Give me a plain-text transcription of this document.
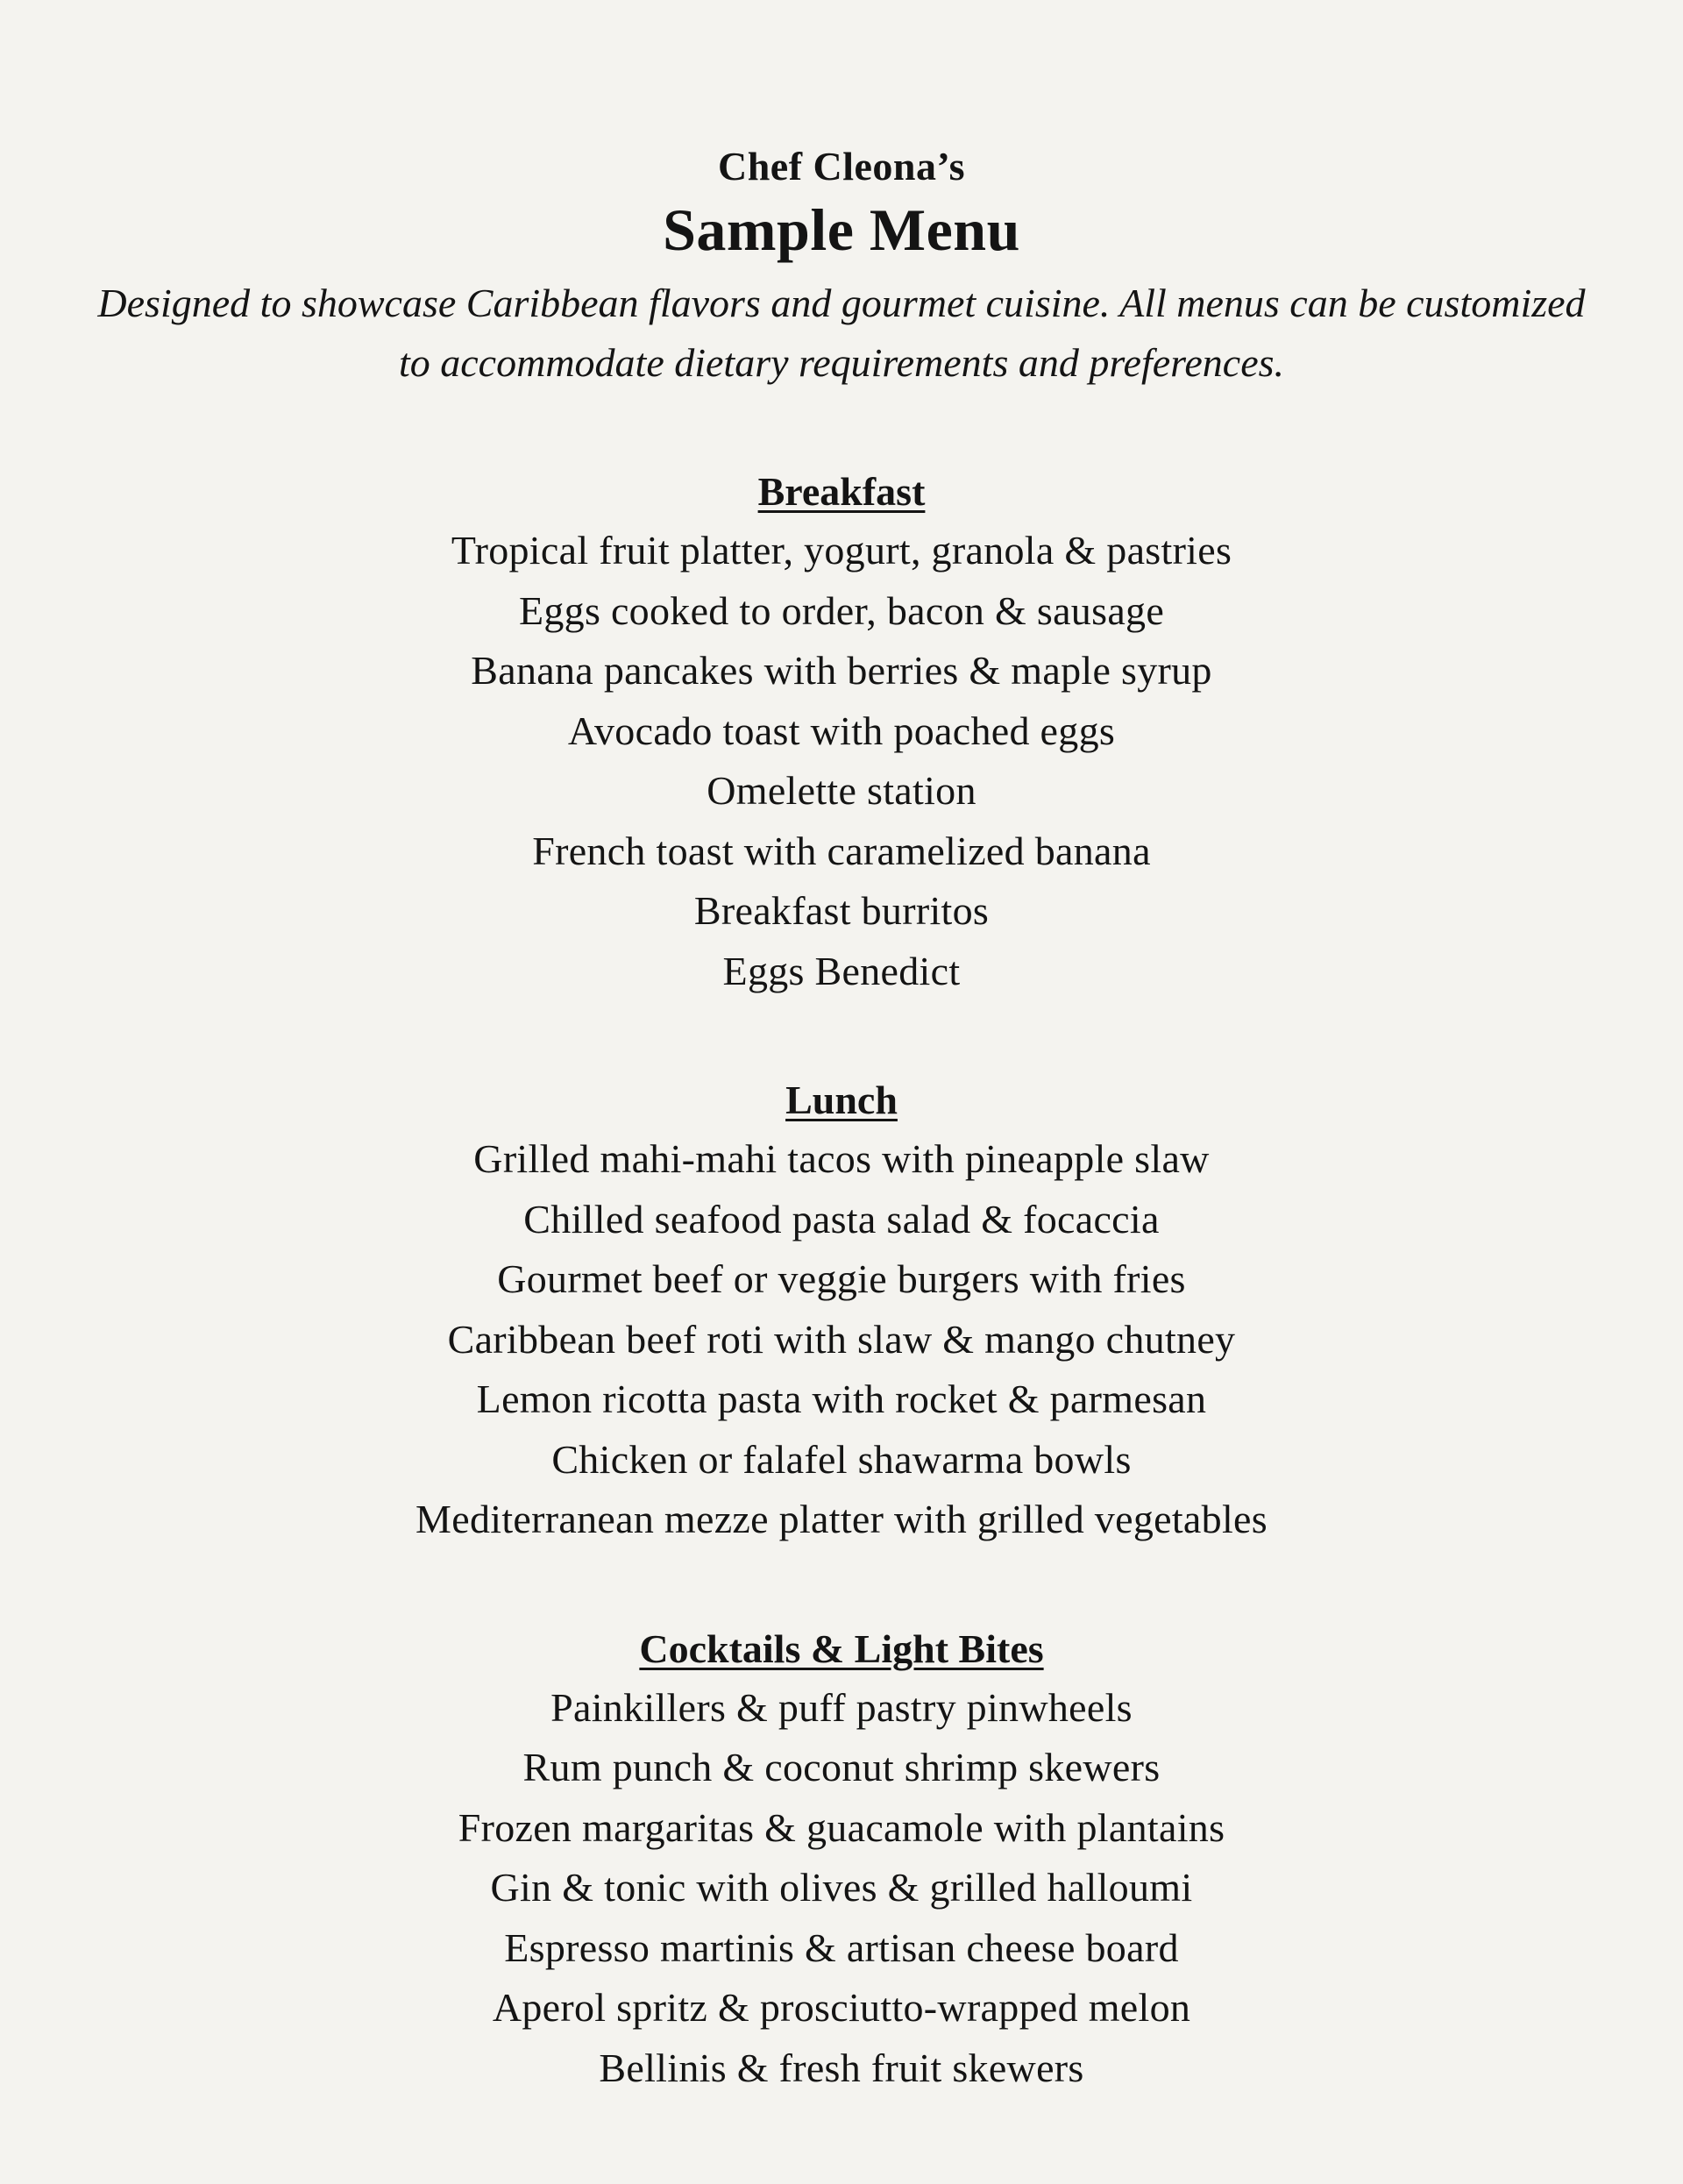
Chef Cleona’s
Sample Menu

Designed to showcase Caribbean flavors and gourmet cuisine. All menus can be customized to accommodate dietary requirements and preferences.

Breakfast
Tropical fruit platter, yogurt, granola & pastries
Eggs cooked to order, bacon & sausage
Banana pancakes with berries & maple syrup
Avocado toast with poached eggs
Omelette station
French toast with caramelized banana
Breakfast burritos
Eggs Benedict
Lunch
Grilled mahi-mahi tacos with pineapple slaw
Chilled seafood pasta salad & focaccia
Gourmet beef or veggie burgers with fries
Caribbean beef roti with slaw & mango chutney
Lemon ricotta pasta with rocket & parmesan
Chicken or falafel shawarma bowls
Mediterranean mezze platter with grilled vegetables
Cocktails & Light Bites
Painkillers & puff pastry pinwheels
Rum punch & coconut shrimp skewers
Frozen margaritas & guacamole with plantains
Gin & tonic with olives & grilled halloumi
Espresso martinis & artisan cheese board
Aperol spritz & prosciutto-wrapped melon
Bellinis & fresh fruit skewers
